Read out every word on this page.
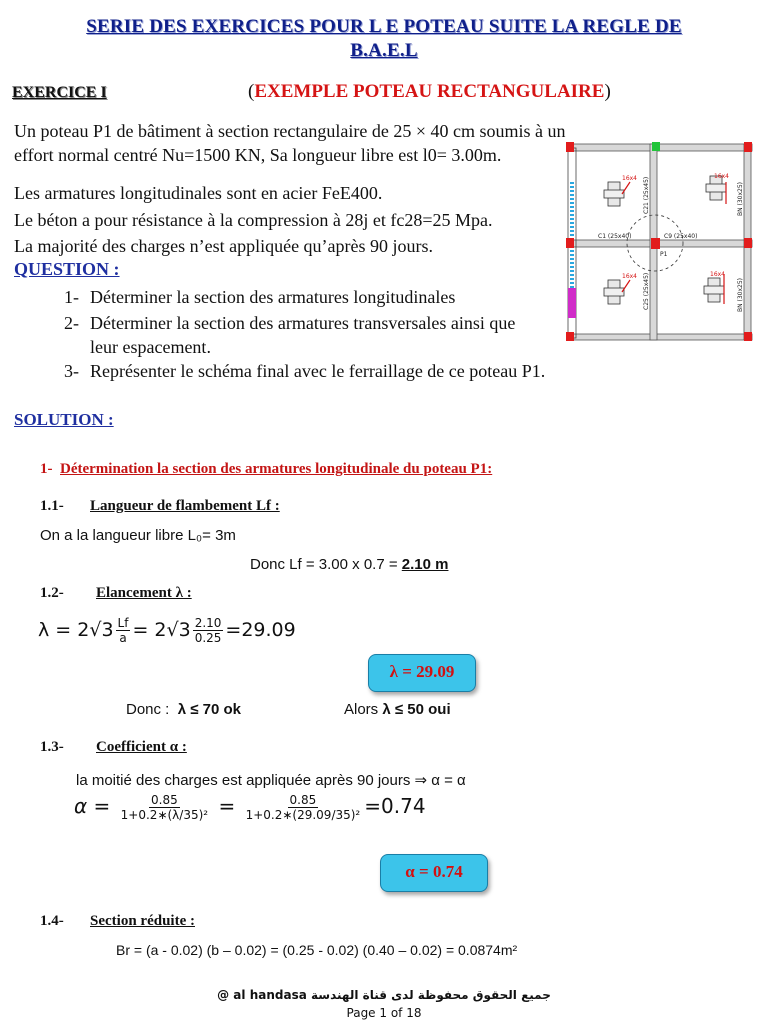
SERIE DES EXERCICES POUR L E POTEAU SUITE LA REGLE DE
B.A.E.L
EXERCICE I	(EXEMPLE POTEAU RECTANGULAIRE)
Un poteau P1 de bâtiment à section rectangulaire de 25 × 40 cm soumis à un
effort normal centré Nu=1500 KN, Sa longueur libre est l0= 3.00m.
Les armatures longitudinales sont en acier FeE400.
Le béton a pour résistance à la compression à 28j et fc28=25 Mpa.
La majorité des charges n’est appliquée qu’après 90 jours.
QUESTION :
1- Déterminer la section des armatures longitudinales
2- Déterminer la section des armatures transversales ainsi que
leur espacement.
3- Représenter le schéma final avec le ferraillage de ce poteau P1.
16x4	16x4
16x4	16x4
C1 (25x40)	C9 (25x40)
P1
C21 (25x45)
C25 (25x45)
BN (30x25)
BN (30x25)
SOLUTION :
1- Détermination la section des armatures longitudinale du poteau P1:
1.1- Langueur de flambement Lf :
On a la langueur libre L₀= 3m
Donc Lf = 3.00 x 0.7 = 2.10 m
1.2- Elancement λ :
$\lambda = 2√3 \frac{Lf}{a} = 2√3 \frac{2.10}{0.25} =29.09$
λ = 29.09
Donc : λ ≤ 70 ok	Alors λ ≤ 50 oui
1.3- Coefficient α :
la moitié des charges est appliquée après 90 jours ⇒ α = α
$\alpha = \frac{0.85}{\text{1+0.2∗(λ/35)²}} = \frac{0.85}{\text{1+0.2∗(29.09/35)²}} =0.74$
α = 0.74
1.4- Section réduite :
Br = (a - 0.02) (b – 0.02) = (0.25 - 0.02) (0.40 – 0.02) = 0.0874m²
@ al handasa جميع الحقوق محفوظة لدى قناة الهندسة
Page 1 of 18
